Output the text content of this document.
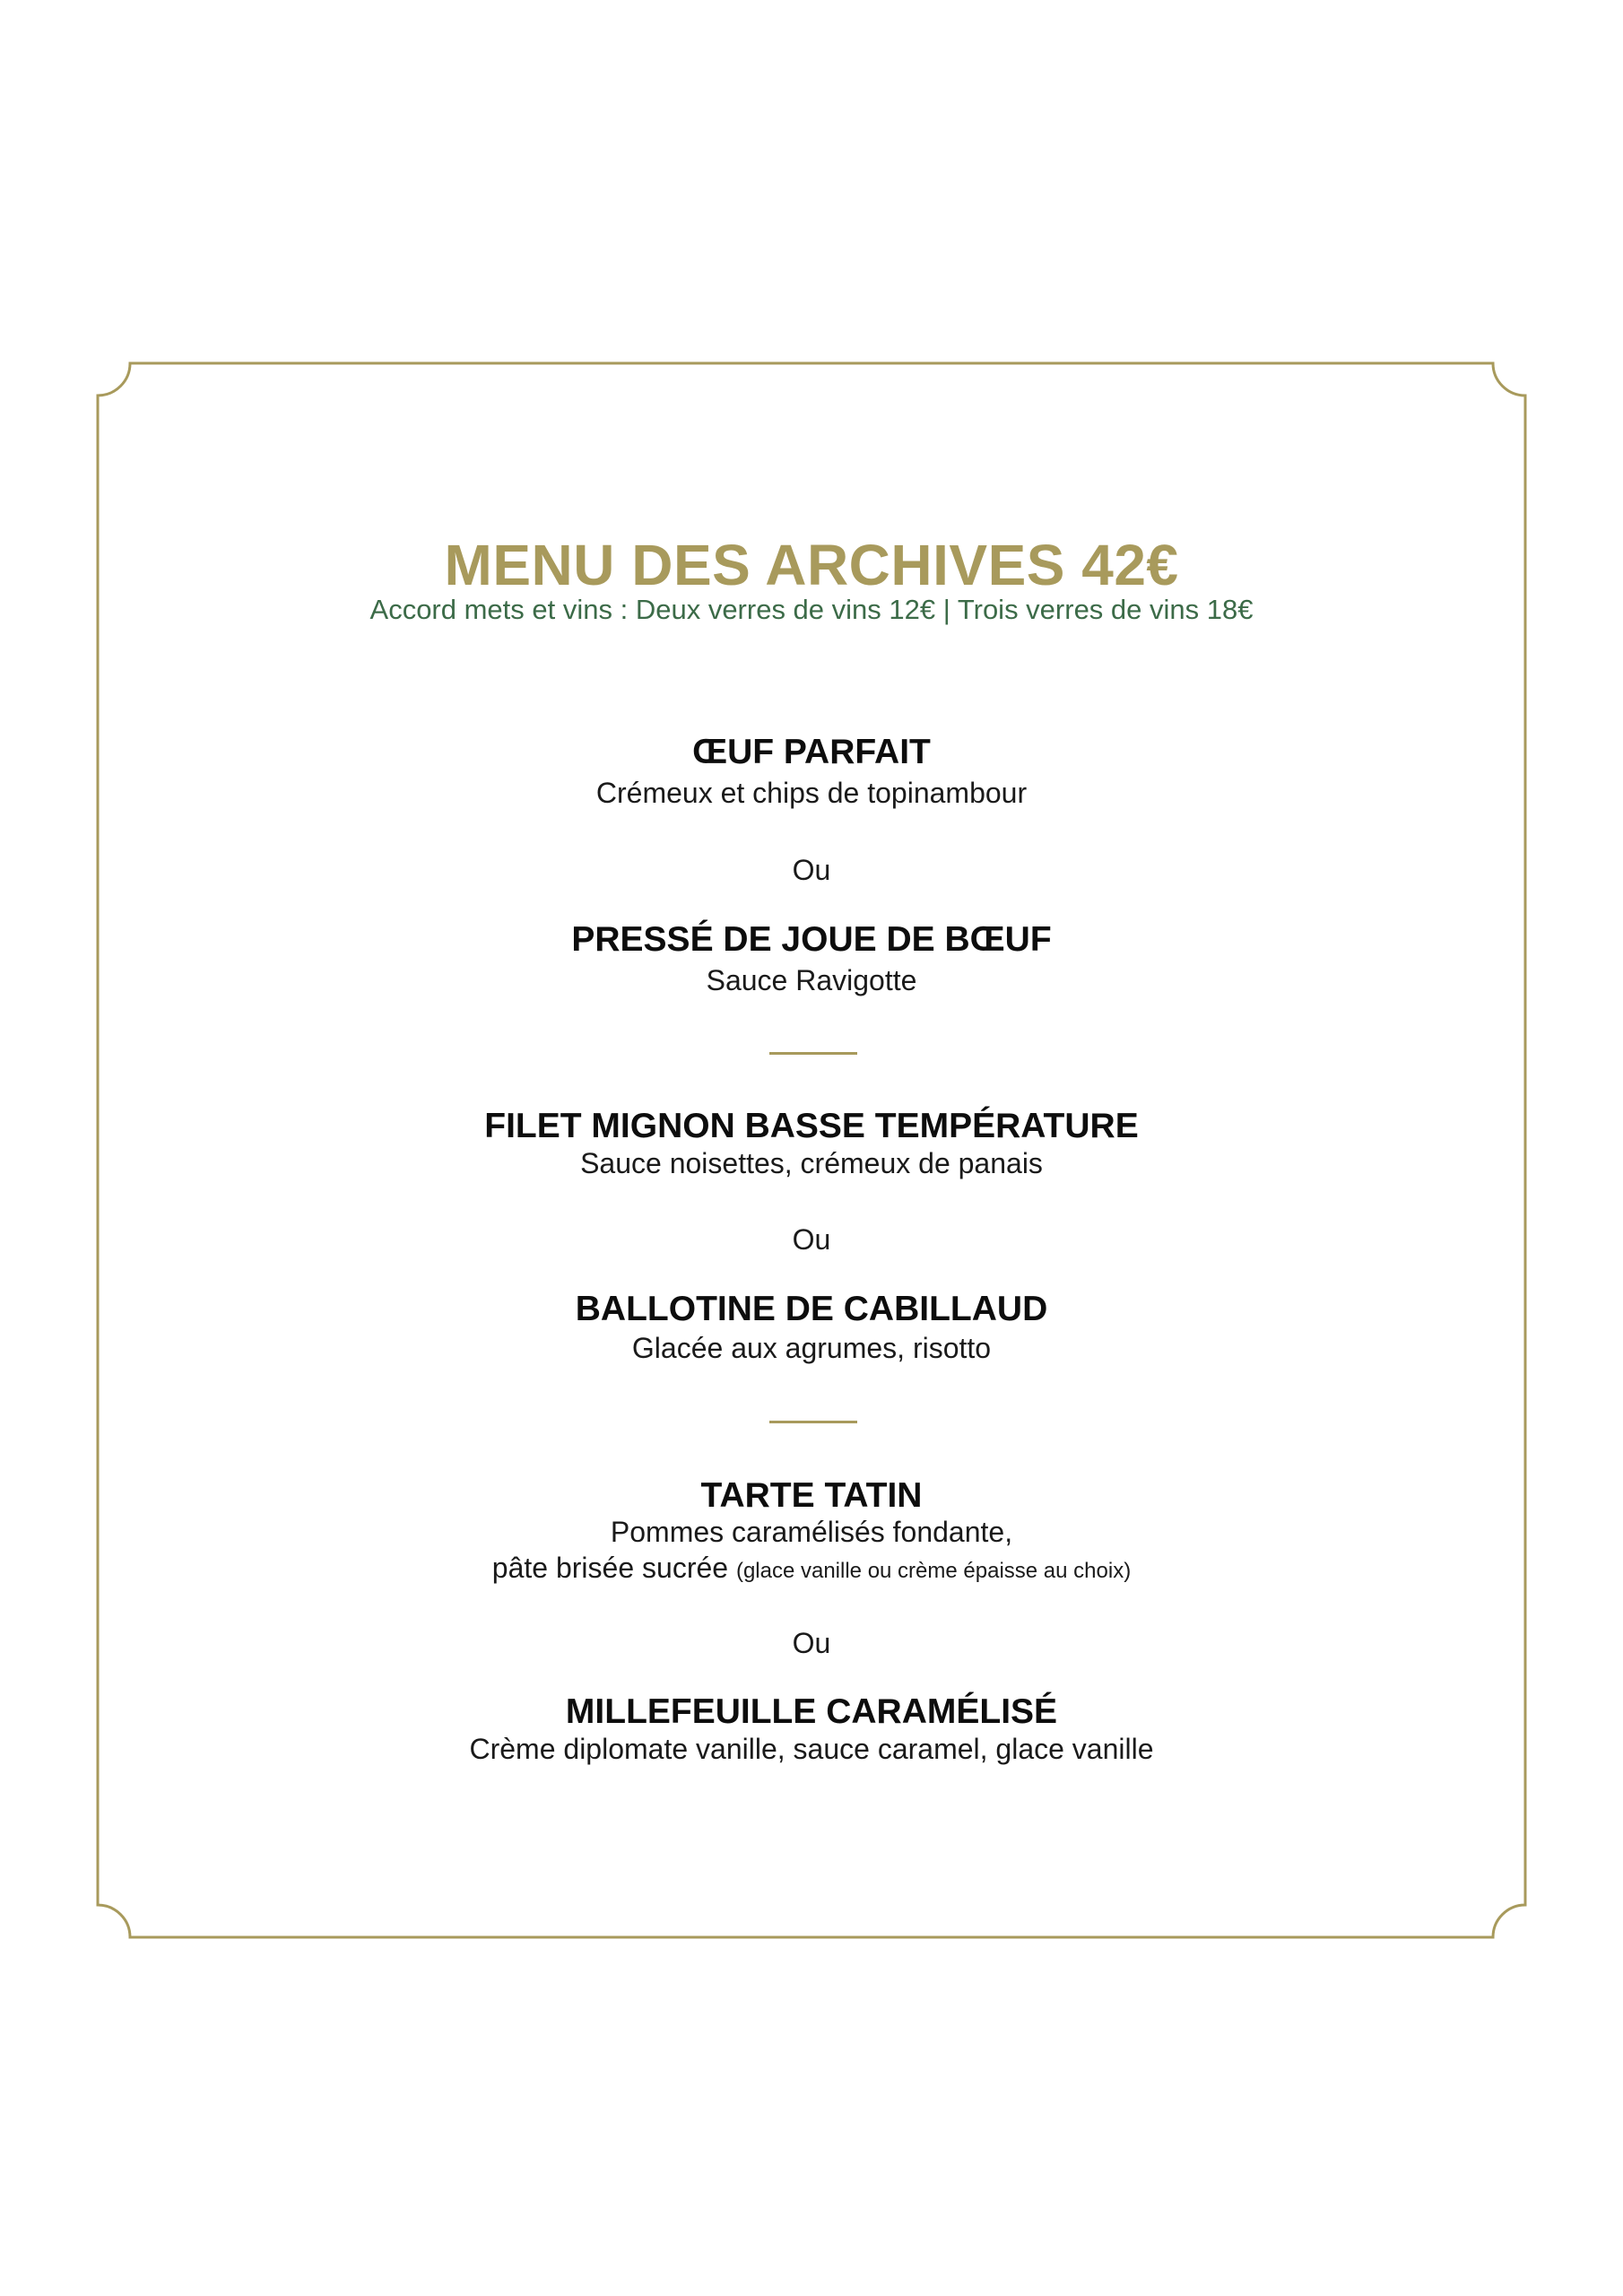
MENU DES ARCHIVES 42€
Accord mets et vins : Deux verres de vins 12€ | Trois verres de vins 18€
ŒUF PARFAIT
Crémeux et chips de topinambour
Ou
PRESSÉ DE JOUE DE BŒUF
Sauce Ravigotte
FILET MIGNON BASSE TEMPÉRATURE
Sauce noisettes, crémeux de panais
Ou
BALLOTINE DE CABILLAUD
Glacée aux agrumes, risotto
TARTE TATIN
Pommes caramélisés fondante,
pâte brisée sucrée (glace vanille ou crème épaisse au choix)
Ou
MILLEFEUILLE CARAMÉLISÉ
Crème diplomate vanille, sauce caramel, glace vanille
